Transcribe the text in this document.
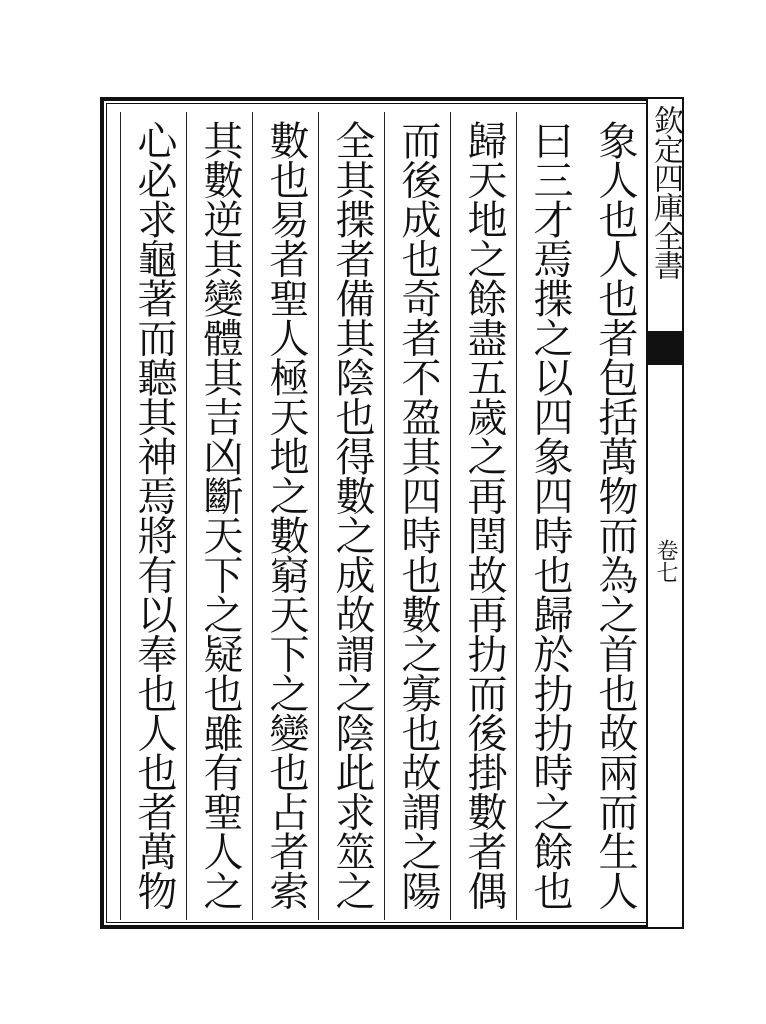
象人也人也者包括萬物而為之首也故兩而生人
曰三才焉揲之以四象四時也歸於扐扐時之餘也
歸天地之餘盡五歲之再閏故再扐而後掛數者偶
而後成也奇者不盈其四時也數之寡也故謂之陽
全其揲者備其陰也得數之成故謂之陰此求筮之
數也易者聖人極天地之數窮天下之變也占者索
其數逆其變體其吉凶斷天下之疑也雖有聖人之
心必求龜著而聽其神焉將有以奉也人也者萬物	欽定四庫全書
卷七
